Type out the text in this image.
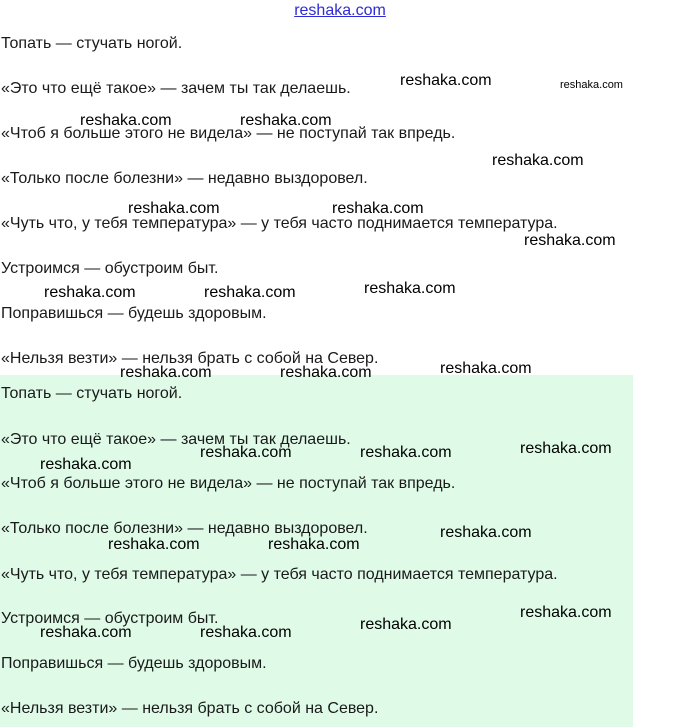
reshaka.com
Топать — стучать ногой.
«Это что ещё такое» — зачем ты так делаешь.
«Чтоб я больше этого не видела» — не поступай так впредь.
«Только после болезни» — недавно выздоровел.
«Чуть что, у тебя температура» — у тебя часто поднимается температура.
Устроимся — обустроим быт.
Поправишься — будешь здоровым.
«Нельзя везти» — нельзя брать с собой на Север.
Топать — стучать ногой.
«Это что ещё такое» — зачем ты так делаешь.
«Чтоб я больше этого не видела» — не поступай так впредь.
«Только после болезни» — недавно выздоровел.
«Чуть что, у тебя температура» — у тебя часто поднимается температура.
Устроимся — обустроим быт.
Поправишься — будешь здоровым.
«Нельзя везти» — нельзя брать с собой на Север.
reshaka.com	reshaka.com
reshaka.com	reshaka.com
reshaka.com
reshaka.com	reshaka.com
reshaka.com
reshaka.com
reshaka.com	reshaka.com
reshaka.com
reshaka.com	reshaka.com
reshaka.com
reshaka.com	reshaka.com
reshaka.com
reshaka.com
reshaka.com	reshaka.com
reshaka.com
reshaka.com
reshaka.com	reshaka.com
